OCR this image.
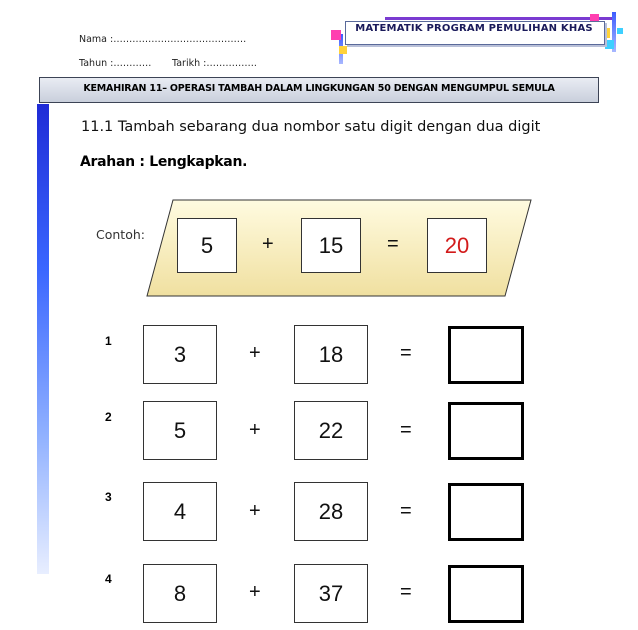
MATEMATIK PROGRAM PEMULIHAN KHAS
Nama :……………………………………
Tahun :………… Tarikh :…………….
KEMAHIRAN 11– OPERASI TAMBAH DALAM LINGKUNGAN 50 DENGAN MENGUMPUL SEMULA
11.1 Tambah sebarang dua nombor satu digit dengan dua digit
Arahan : Lengkapkan.
Contoh:	5	+	15	=	20
1
3	+	18	=
2
5	+	22	=
3
4	+	28	=
4
8	+	37	=
